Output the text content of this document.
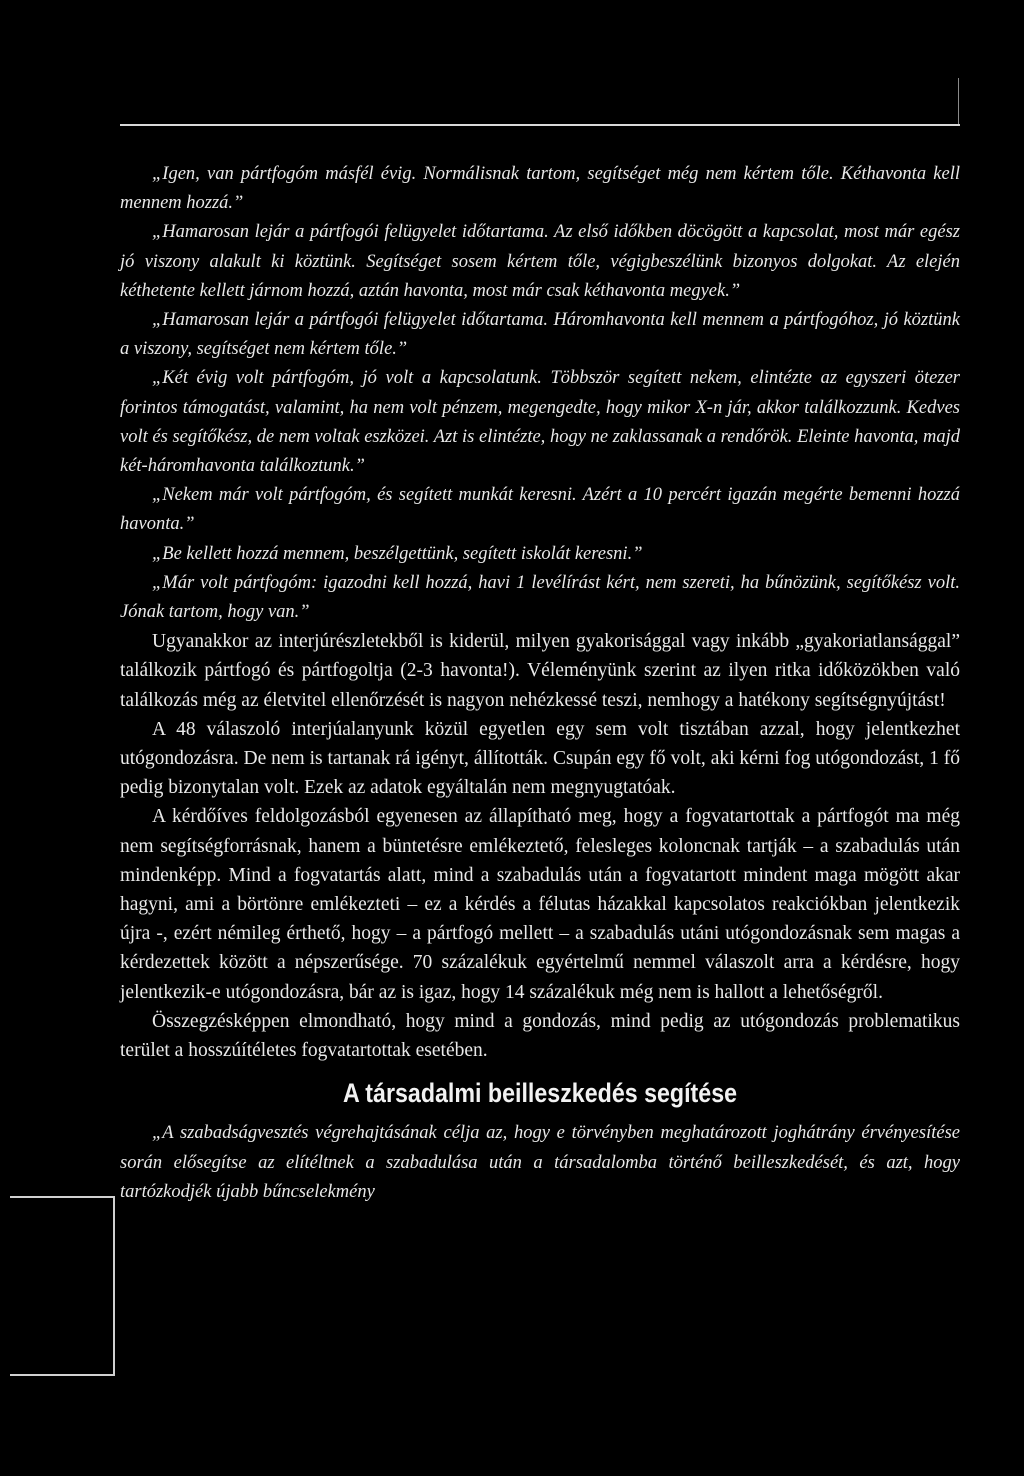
„Igen, van pártfogóm másfél évig. Normálisnak tartom, segítséget még nem kértem tőle. Kéthavonta kell mennem hozzá.”

„Hamarosan lejár a pártfogói felügyelet időtartama. Az első időkben döcögött a kapcsolat, most már egész jó viszony alakult ki köztünk. Segítséget sosem kértem tőle, végigbeszélünk bizonyos dolgokat. Az elején kéthetente kellett járnom hozzá, aztán havonta, most már csak kéthavonta megyek.”

„Hamarosan lejár a pártfogói felügyelet időtartama. Háromhavonta kell mennem a pártfogóhoz, jó köztünk a viszony, segítséget nem kértem tőle.”

„Két évig volt pártfogóm, jó volt a kapcsolatunk. Többször segített nekem, elintézte az egyszeri ötezer forintos támogatást, valamint, ha nem volt pénzem, megengedte, hogy mikor X-n jár, akkor találkozzunk. Kedves volt és segítőkész, de nem voltak eszközei. Azt is elintézte, hogy ne zaklassanak a rendőrök. Eleinte havonta, majd két-háromhavonta találkoztunk.”

„Nekem már volt pártfogóm, és segített munkát keresni. Azért a 10 percért igazán megérte bemenni hozzá havonta.”

„Be kellett hozzá mennem, beszélgettünk, segített iskolát keresni.”

„Már volt pártfogóm: igazodni kell hozzá, havi 1 levélírást kért, nem szereti, ha bűnözünk, segítőkész volt. Jónak tartom, hogy van.”

Ugyanakkor az interjúrészletekből is kiderül, milyen gyakorisággal vagy inkább „gyakoriatlansággal” találkozik pártfogó és pártfogoltja (2-3 havonta!). Véleményünk szerint az ilyen ritka időközökben való találkozás még az életvitel ellenőrzését is nagyon nehézkessé teszi, nemhogy a hatékony segítségnyújtást!

A 48 válaszoló interjúalanyunk közül egyetlen egy sem volt tisztában azzal, hogy jelentkezhet utógondozásra. De nem is tartanak rá igényt, állították. Csupán egy fő volt, aki kérni fog utógondozást, 1 fő pedig bizonytalan volt. Ezek az adatok egyáltalán nem megnyugtatóak.

A kérdőíves feldolgozásból egyenesen az állapítható meg, hogy a fogvatartottak a pártfogót ma még nem segítségforrásnak, hanem a büntetésre emlékeztető, felesleges koloncnak tartják – a szabadulás után mindenképp. Mind a fogvatartás alatt, mind a szabadulás után a fogvatartott mindent maga mögött akar hagyni, ami a börtönre emlékezteti – ez a kérdés a félutas házakkal kapcsolatos reakciókban jelentkezik újra -, ezért némileg érthető, hogy – a pártfogó mellett – a szabadulás utáni utógondozásnak sem magas a kérdezettek között a népszerűsége. 70 százalékuk egyértelmű nemmel válaszolt arra a kérdésre, hogy jelentkezik-e utógondozásra, bár az is igaz, hogy 14 százalékuk még nem is hallott a lehetőségről.

Összegzésképpen elmondható, hogy mind a gondozás, mind pedig az utógondozás problematikus terület a hosszúítéletes fogvatartottak esetében.

A társadalmi beilleszkedés segítése

„A szabadságvesztés végrehajtásának célja az, hogy e törvényben meghatározott joghátrány érvényesítése során elősegítse az elítéltnek a szabadulása után a társadalomba történő beilleszkedését, és azt, hogy tartózkodjék újabb bűncselekmény
